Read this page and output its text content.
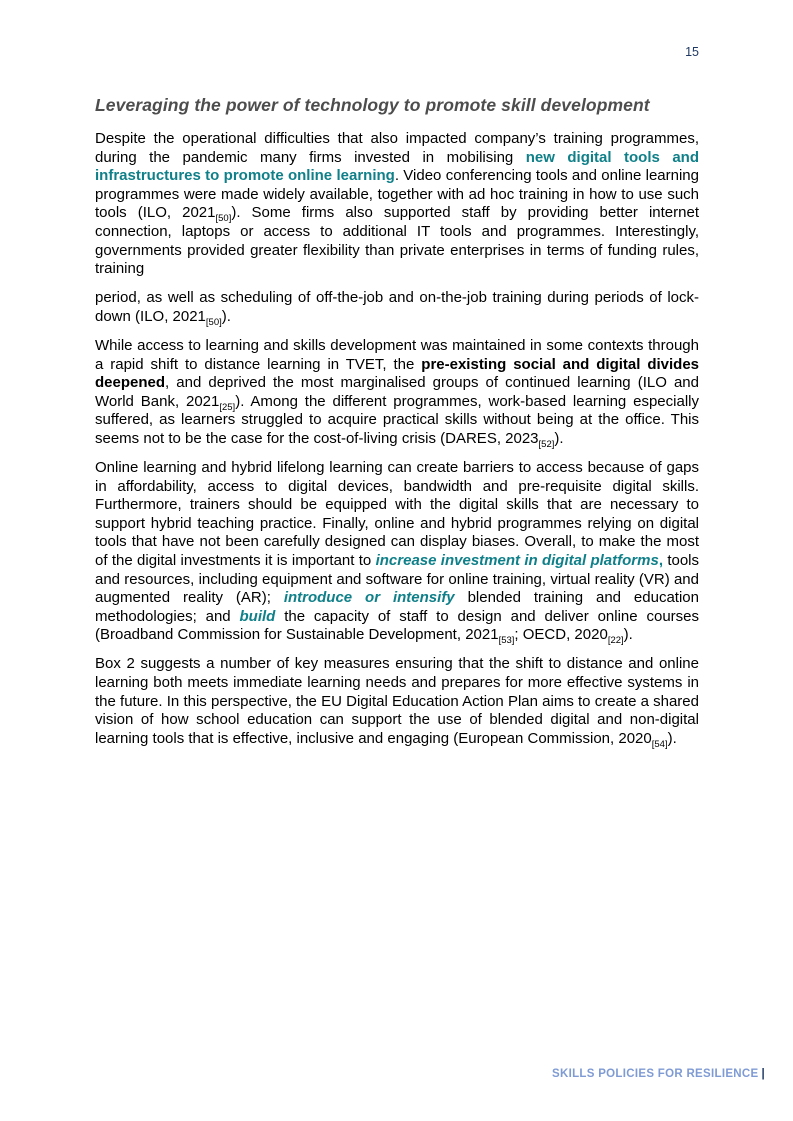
15
Leveraging the power of technology to promote skill development

Despite the operational difficulties that also impacted company’s training programmes, during the pandemic many firms invested in mobilising new digital tools and infrastructures to promote online learning. Video conferencing tools and online learning programmes were made widely available, together with ad hoc training in how to use such tools (ILO, $2021_{[50]}$). Some firms also supported staff by providing better internet connection, laptops or access to additional IT tools and programmes. Interestingly, governments provided greater flexibility than private enterprises in terms of funding rules, training

period, as well as scheduling of off-the-job and on-the-job training during periods of lock-down (ILO, $2021_{[50]}$).

While access to learning and skills development was maintained in some contexts through a rapid shift to distance learning in TVET, the pre-existing social and digital divides deepened, and deprived the most marginalised groups of continued learning (ILO and World Bank, $2021_{[25]}$). Among the different programmes, work-based learning especially suffered, as learners struggled to acquire practical skills without being at the office. This seems not to be the case for the cost-of-living crisis (DARES, $2023_{[52]}$).

Online learning and hybrid lifelong learning can create barriers to access because of gaps in affordability, access to digital devices, bandwidth and pre-requisite digital skills. Furthermore, trainers should be equipped with the digital skills that are necessary to support hybrid teaching practice. Finally, online and hybrid programmes relying on digital tools that have not been carefully designed can display biases. Overall, to make the most of the digital investments it is important to increase investment in digital platforms, tools and resources, including equipment and software for online training, virtual reality (VR) and augmented reality (AR); introduce or intensify blended training and education methodologies; and build the capacity of staff to design and deliver online courses (Broadband Commission for Sustainable Development, $2021_{[53]}$; OECD, $2020_{[22]}$).

Box 2 suggests a number of key measures ensuring that the shift to distance and online learning both meets immediate learning needs and prepares for more effective systems in the future. In this perspective, the EU Digital Education Action Plan aims to create a shared vision of how school education can support the use of blended digital and non-digital learning tools that is effective, inclusive and engaging (European Commission, $2020_{[54]}$).

SKILLS POLICIES FOR RESILIENCE |
